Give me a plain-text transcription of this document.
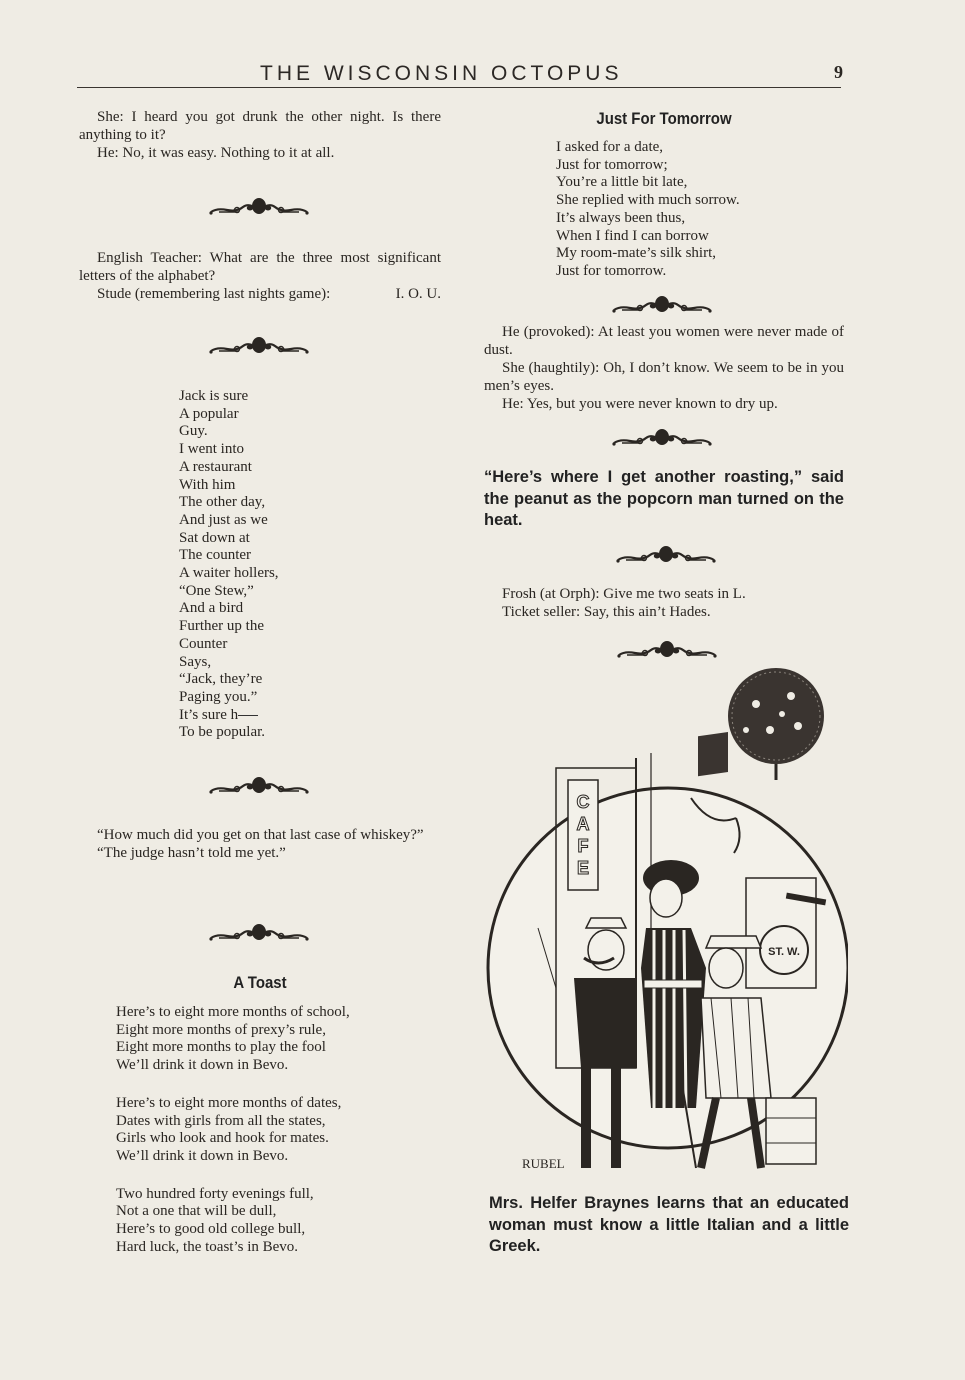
THE WISCONSIN OCTOPUS	9

She: I heard you got drunk the other night. Is there anything to it?

He: No, it was easy. Nothing to it at all.

English Teacher: What are the three most significant letters of the alphabet?

Stude (remembering last nights game):	I. O. U.

Jack is sure
A popular
Guy.
I went into
A restaurant
With him
The other day,
And just as we
Sat down at
The counter
A waiter hollers,
“One Stew,”
And a bird
Further up the
Counter
Says,
“Jack, they’re
Paging you.”
It’s sure h
To be popular.

“How much did you get on that last case of whiskey?”

“The judge hasn’t told me yet.”

A Toast
Here’s to eight more months of school,
Eight more months of prexy’s rule,
Eight more months to play the fool
We’ll drink it down in Bevo.
Here’s to eight more months of dates,
Dates with girls from all the states,
Girls who look and hook for mates.
We’ll drink it down in Bevo.
Two hundred forty evenings full,
Not a one that will be dull,
Here’s to good old college bull,
Hard luck, the toast’s in Bevo.
Just For Tomorrow
I asked for a date,
Just for tomorrow;
You’re a little bit late,
She replied with much sorrow.
It’s always been thus,
When I find I can borrow
My room-mate’s silk shirt,
Just for tomorrow.

He (provoked): At least you women were never made of dust.

She (haughtily): Oh, I don’t know. We seem to be in you men’s eyes.

He: Yes, but you were never known to dry up.

“Here’s where I get another roasting,” said the peanut as the popcorn man turned on the heat.

Frosh (at Orph): Give me two seats in L.

Ticket seller: Say, this ain’t Hades.

C
A
F
E
ST. W.
RUBEL

Mrs. Helfer Braynes learns that an educated woman must know a little Italian and a little Greek.
